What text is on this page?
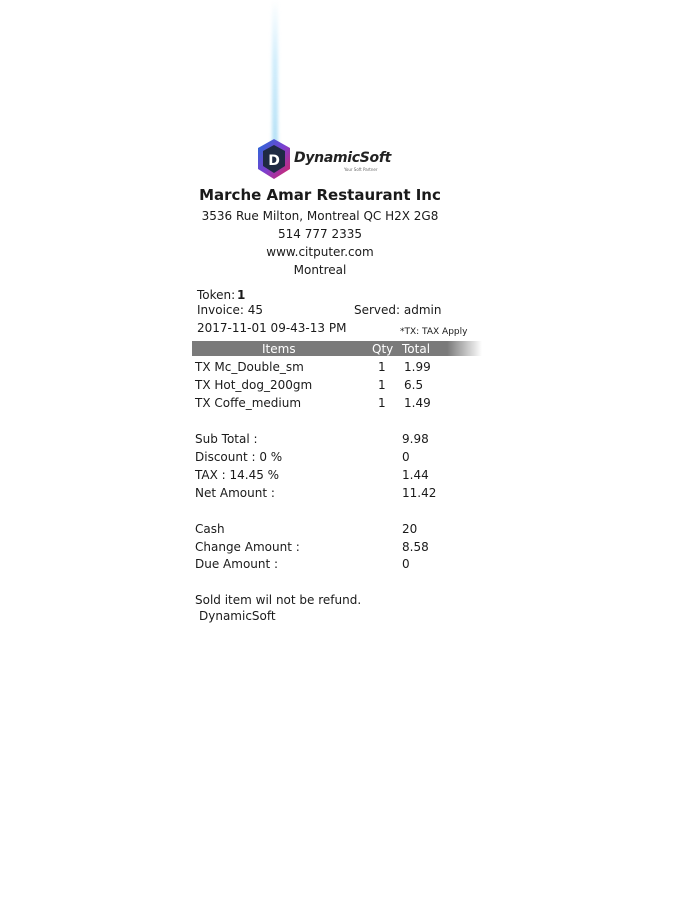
D DynamicSoft
Your Soft Partner
Marche Amar Restaurant Inc
3536 Rue Milton, Montreal QC H2X 2G8
514 777 2335
www.citputer.com
Montreal
Token: 1
Invoice: 45	Served: admin
2017-11-01 09-43-13 PM	*TX: TAX Apply
Items	Qty Total
TX Mc_Double_sm	1 1.99
TX Hot_dog_200gm	1 6.5
TX Coffe_medium	1 1.49
Sub Total :	9.98
Discount : 0 %	0
TAX : 14.45 %	1.44
Net Amount :	11.42
Cash	20
Change Amount :	8.58
Due Amount :	0
Sold item wil not be refund.
DynamicSoft
